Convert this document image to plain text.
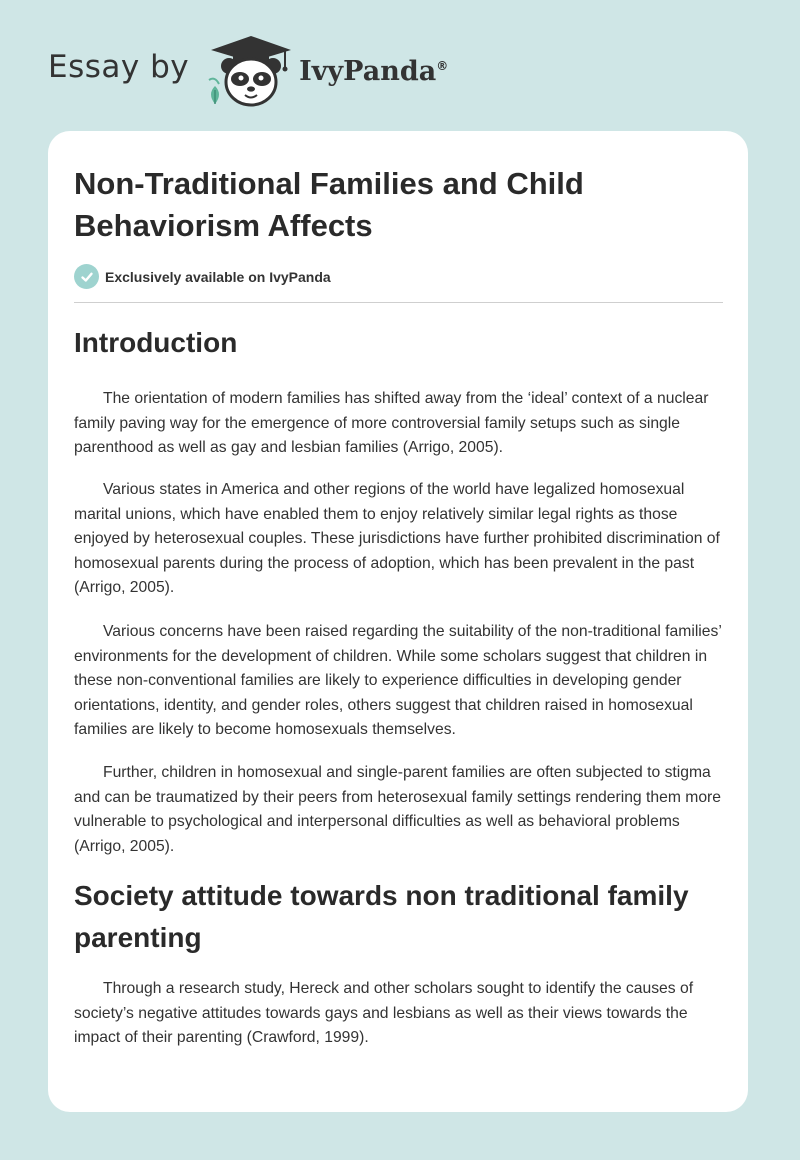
Essay by	IvyPanda®
Non-Traditional Families and Child Behaviorism Affects
Exclusively available on IvyPanda
Introduction

The orientation of modern families has shifted away from the ‘ideal’ context of a nuclear family paving way for the emergence of more controversial family setups such as single parenthood as well as gay and lesbian families (Arrigo, 2005).

Various states in America and other regions of the world have legalized homosexual marital unions, which have enabled them to enjoy relatively similar legal rights as those enjoyed by heterosexual couples. These jurisdictions have further prohibited discrimination of homosexual parents during the process of adoption, which has been prevalent in the past (Arrigo, 2005).

Various concerns have been raised regarding the suitability of the non-traditional families’ environments for the development of children. While some scholars suggest that children in these non-conventional families are likely to experience difficulties in developing gender orientations, identity, and gender roles, others suggest that children raised in homosexual families are likely to become homosexuals themselves.

Further, children in homosexual and single-parent families are often subjected to stigma and can be traumatized by their peers from heterosexual family settings rendering them more vulnerable to psychological and interpersonal difficulties as well as behavioral problems (Arrigo, 2005).

Society attitude towards non traditional family parenting

Through a research study, Hereck and other scholars sought to identify the causes of society’s negative attitudes towards gays and lesbians as well as their views towards the impact of their parenting (Crawford, 1999).
